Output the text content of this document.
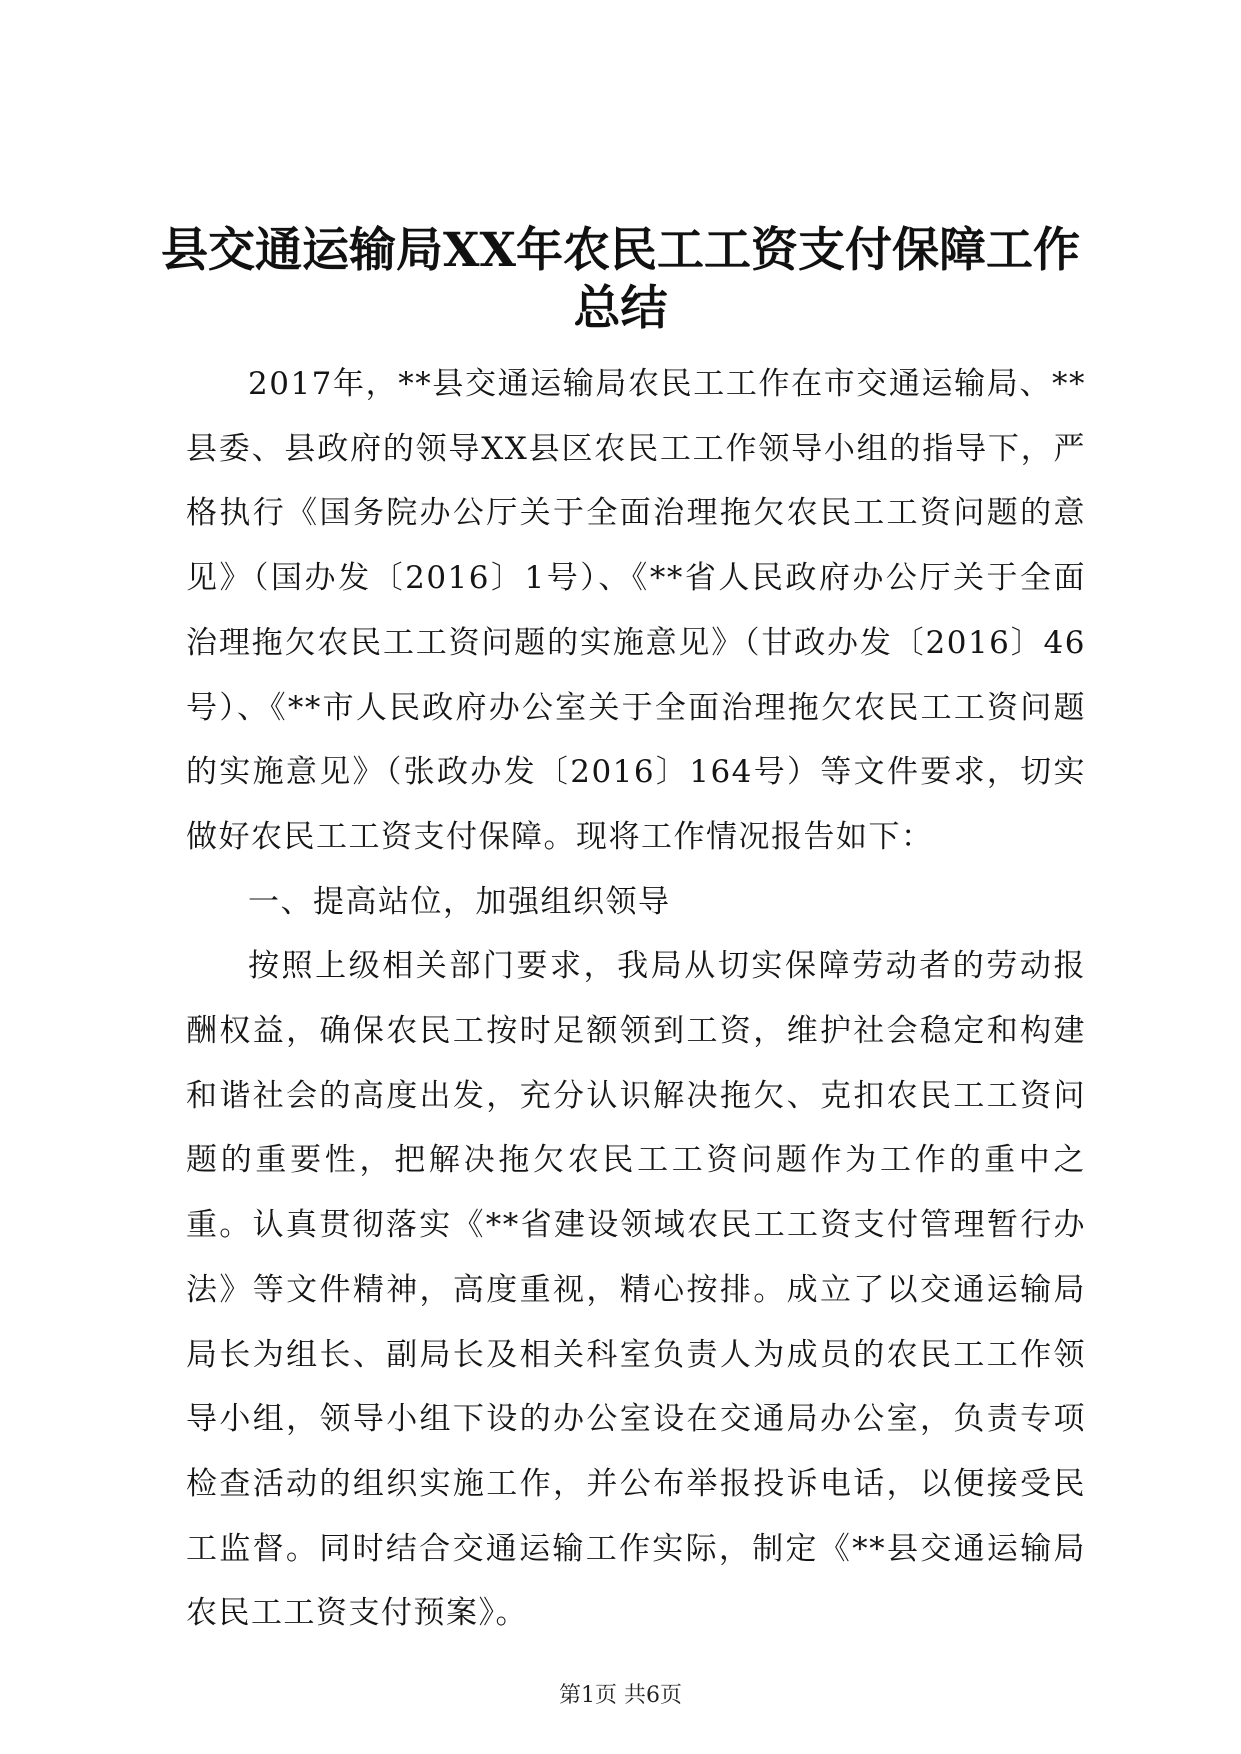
县交通运输局XX年农民工工资支付保障工作
总结

2017年，**县交通运输局农民工工作在市交通运输局、**县委、县政府的领导XX县区农民工工作领导小组的指导下，严格执行《国务院办公厅关于全面治理拖欠农民工工资问题的意见》（国办发〔2016〕1号）、《**省人民政府办公厅关于全面治理拖欠农民工工资问题的实施意见》（甘政办发〔2016〕46号）、《**市人民政府办公室关于全面治理拖欠农民工工资问题的实施意见》（张政办发〔2016〕164号）等文件要求，切实做好农民工工资支付保障。现将工作情况报告如下：

一、提高站位，加强组织领导

按照上级相关部门要求，我局从切实保障劳动者的劳动报酬权益，确保农民工按时足额领到工资，维护社会稳定和构建和谐社会的高度出发，充分认识解决拖欠、克扣农民工工资问题的重要性，把解决拖欠农民工工资问题作为工作的重中之重。认真贯彻落实《**省建设领域农民工工资支付管理暂行办法》等文件精神，高度重视，精心按排。成立了以交通运输局局长为组长、副局长及相关科室负责人为成员的农民工工作领导小组，领导小组下设的办公室设在交通局办公室，负责专项检查活动的组织实施工作，并公布举报投诉电话，以便接受民工监督。同时结合交通运输工作实际，制定《**县交通运输局农民工工资支付预案》。

第1页 共6页
